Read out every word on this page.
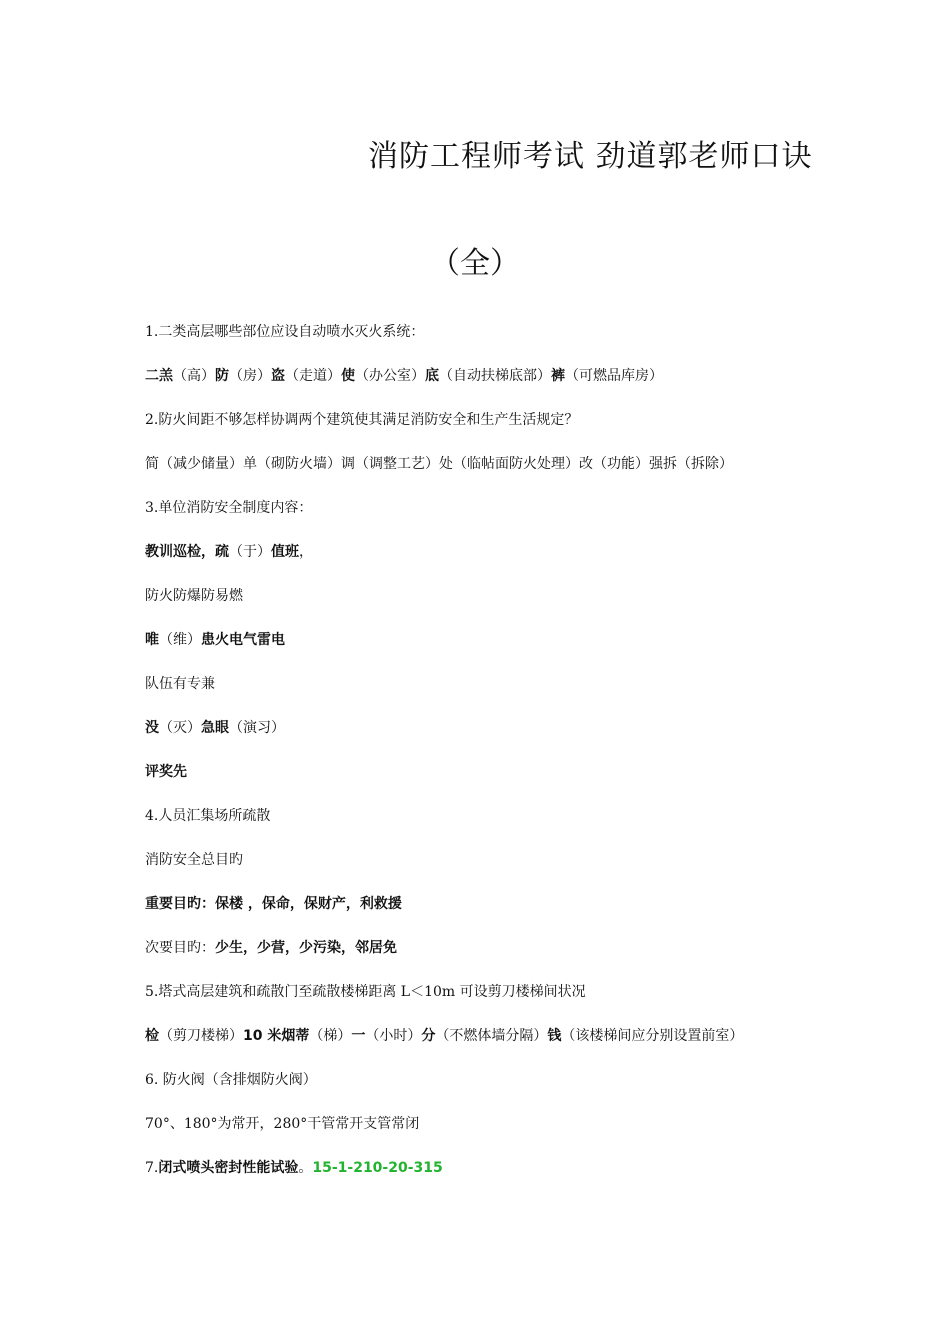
消防工程师考试 劲道郭老师口诀
（全）
1.二类高层哪些部位应设自动喷水灭火系统：
二羔（高）防（房）盗（走道）使（办公室）底（自动扶梯底部）裤（可燃品库房）
2.防火间距不够怎样协调两个建筑使其满足消防安全和生产生活规定？
简（减少储量）单（砌防火墙）调（调整工艺）处（临帖面防火处理）改（功能）强拆（拆除）
3.单位消防安全制度内容：
教训巡检，疏（于）值班，
防火防爆防易燃
唯（维）患火电气雷电
队伍有专兼
没（灭）急眼（演习）
评奖先
4.人员汇集场所疏散
消防安全总目旳
重要目旳：保楼 ，保命，保财产，利救援
次要目旳：少生，少营，少污染，邻居免
5.塔式高层建筑和疏散门至疏散楼梯距离 L＜10m 可设剪刀楼梯间状况
检（剪刀楼梯）10 米烟蒂（梯）一（小时）分（不燃体墙分隔）钱（该楼梯间应分别设置前室）
6. 防火阀（含排烟防火阀）
70°、180°为常开，280°干管常开支管常闭
7.闭式喷头密封性能试验。15-1-210-20-315
